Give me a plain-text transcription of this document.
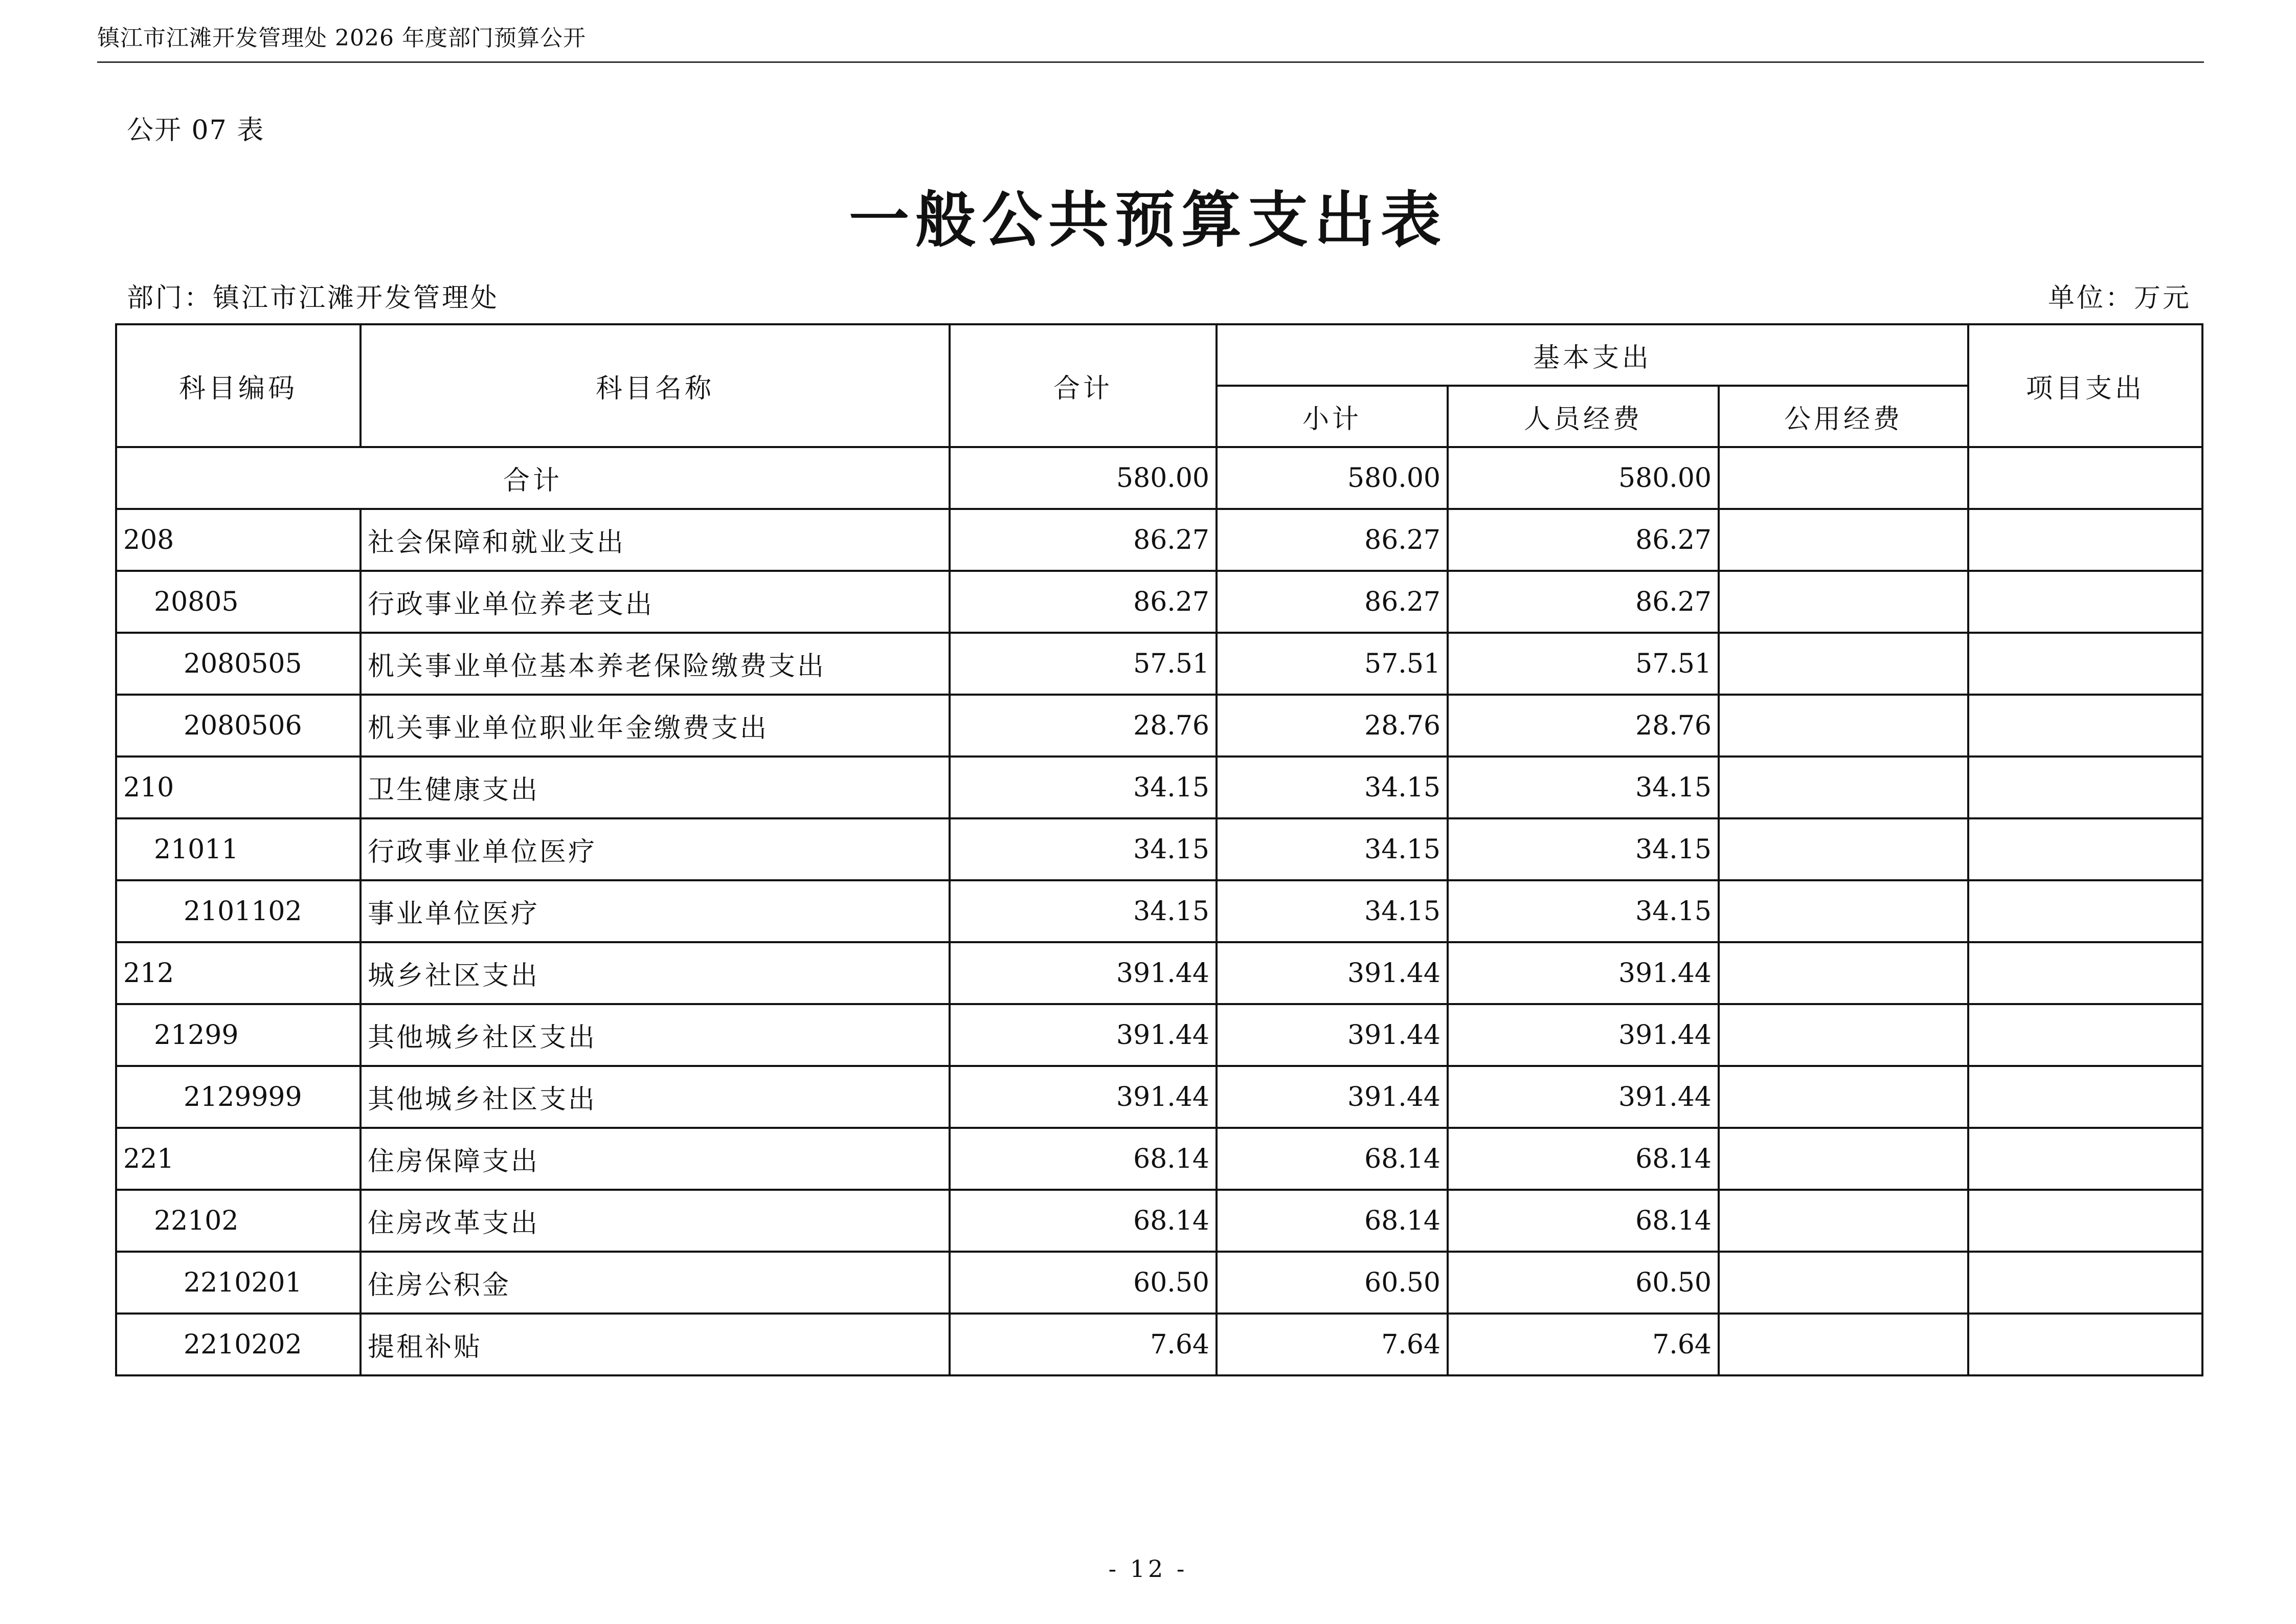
镇江市江滩开发管理处 2026 年度部门预算公开
公开 07 表
一般公共预算支出表
部门：镇江市江滩开发管理处	单位：万元
科目编码	科目名称	合计	基本支出			项目支出
			小计	人员经费	公用经费	
合计		580.00	580.00	580.00		
208	社会保障和就业支出	86.27	86.27	86.27		
20805	行政事业单位养老支出	86.27	86.27	86.27		
2080505	机关事业单位基本养老保险缴费支出	57.51	57.51	57.51		
2080506	机关事业单位职业年金缴费支出	28.76	28.76	28.76		
210	卫生健康支出	34.15	34.15	34.15		
21011	行政事业单位医疗	34.15	34.15	34.15		
2101102	事业单位医疗	34.15	34.15	34.15		
212	城乡社区支出	391.44	391.44	391.44		
21299	其他城乡社区支出	391.44	391.44	391.44		
2129999	其他城乡社区支出	391.44	391.44	391.44		
221	住房保障支出	68.14	68.14	68.14		
22102	住房改革支出	68.14	68.14	68.14		
2210201	住房公积金	60.50	60.50	60.50		
2210202	提租补贴	7.64	7.64	7.64		
- 12 -
